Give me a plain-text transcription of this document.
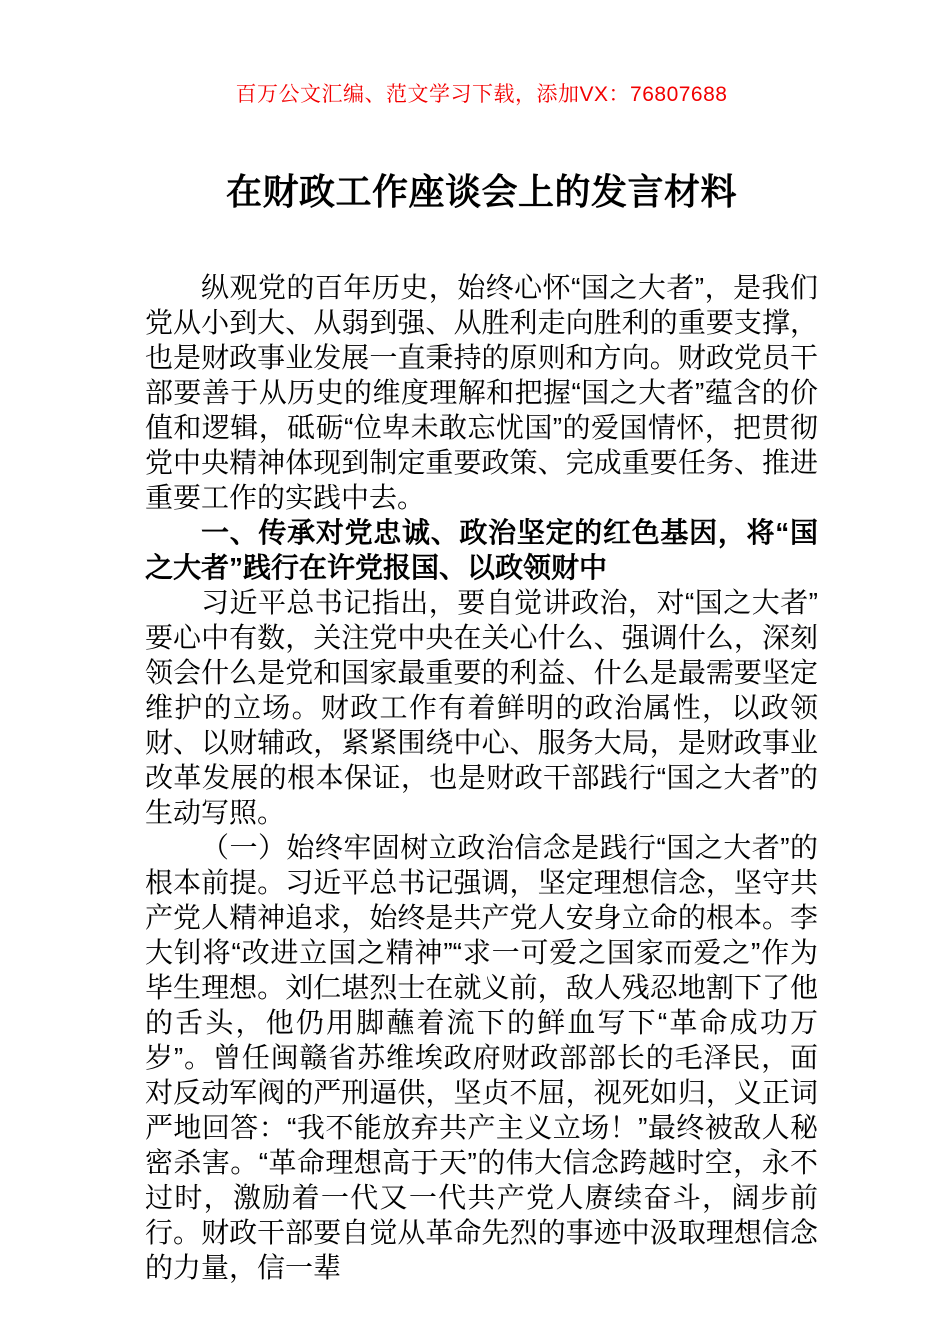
百万公文汇编、范文学习下载，添加VX：76807688
在财政工作座谈会上的发言材料

纵观党的百年历史，始终心怀“国之大者”，是我们党从小到大、从弱到强、从胜利走向胜利的重要支撑，也是财政事业发展一直秉持的原则和方向。财政党员干部要善于从历史的维度理解和把握“国之大者”蕴含的价值和逻辑，砥砺“位卑未敢忘忧国”的爱国情怀，把贯彻党中央精神体现到制定重要政策、完成重要任务、推进重要工作的实践中去。

一、传承对党忠诚、政治坚定的红色基因，将“国之大者”践行在许党报国、以政领财中

习近平总书记指出，要自觉讲政治，对“国之大者”要心中有数，关注党中央在关心什么、强调什么，深刻领会什么是党和国家最重要的利益、什么是最需要坚定维护的立场。财政工作有着鲜明的政治属性，以政领财、以财辅政，紧紧围绕中心、服务大局，是财政事业改革发展的根本保证，也是财政干部践行“国之大者”的生动写照。

（一）始终牢固树立政治信念是践行“国之大者”的根本前提。习近平总书记强调，坚定理想信念，坚守共产党人精神追求，始终是共产党人安身立命的根本。李大钊将“改进立国之精神”“求一可爱之国家而爱之”作为毕生理想。刘仁堪烈士在就义前，敌人残忍地割下了他的舌头，他仍用脚蘸着流下的鲜血写下“革命成功万岁”。曾任闽赣省苏维埃政府财政部部长的毛泽民，面对反动军阀的严刑逼供，坚贞不屈，视死如归，义正词严地回答：“我不能放弃共产主义立场！”最终被敌人秘密杀害。“革命理想高于天”的伟大信念跨越时空，永不过时，激励着一代又一代共产党人赓续奋斗，阔步前行。财政干部要自觉从革命先烈的事迹中汲取理想信念的力量，信一辈
